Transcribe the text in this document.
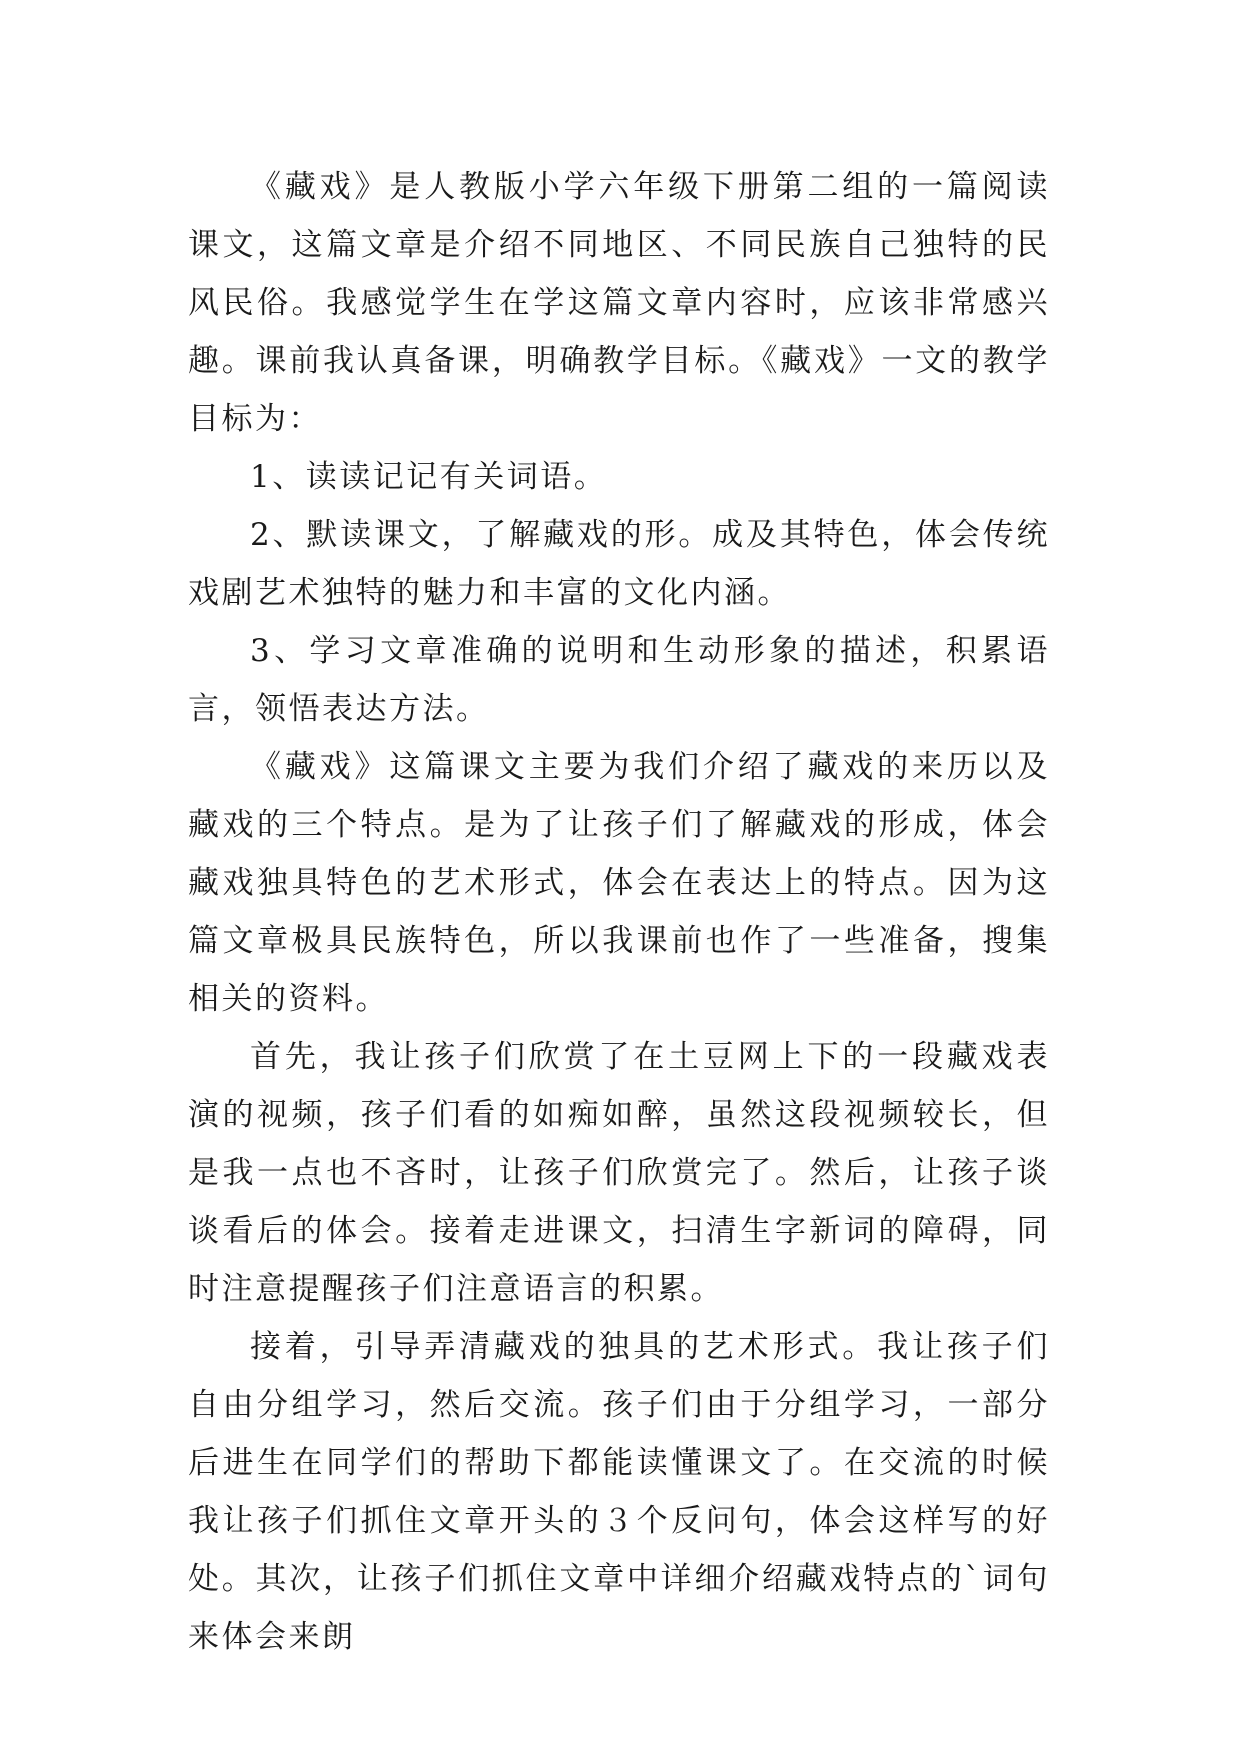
《藏戏》是人教版小学六年级下册第二组的一篇阅读课文，这篇文章是介绍不同地区、不同民族自己独特的民风民俗。我感觉学生在学这篇文章内容时，应该非常感兴趣。课前我认真备课，明确教学目标。《藏戏》一文的教学目标为：

1、读读记记有关词语。

2、默读课文，了解藏戏的形。成及其特色，体会传统戏剧艺术独特的魅力和丰富的文化内涵。

3、学习文章准确的说明和生动形象的描述，积累语言，领悟表达方法。

《藏戏》这篇课文主要为我们介绍了藏戏的来历以及藏戏的三个特点。是为了让孩子们了解藏戏的形成，体会藏戏独具特色的艺术形式，体会在表达上的特点。因为这篇文章极具民族特色，所以我课前也作了一些准备，搜集相关的资料。

首先，我让孩子们欣赏了在土豆网上下的一段藏戏表演的视频，孩子们看的如痴如醉，虽然这段视频较长，但是我一点也不吝时，让孩子们欣赏完了。然后，让孩子谈谈看后的体会。接着走进课文，扫清生字新词的障碍，同时注意提醒孩子们注意语言的积累。

接着，引导弄清藏戏的独具的艺术形式。我让孩子们自由分组学习，然后交流。孩子们由于分组学习，一部分后进生在同学们的帮助下都能读懂课文了。在交流的时候我让孩子们抓住文章开头的３个反问句，体会这样写的好处。其次，让孩子们抓住文章中详细介绍藏戏特点的`词句来体会来朗
